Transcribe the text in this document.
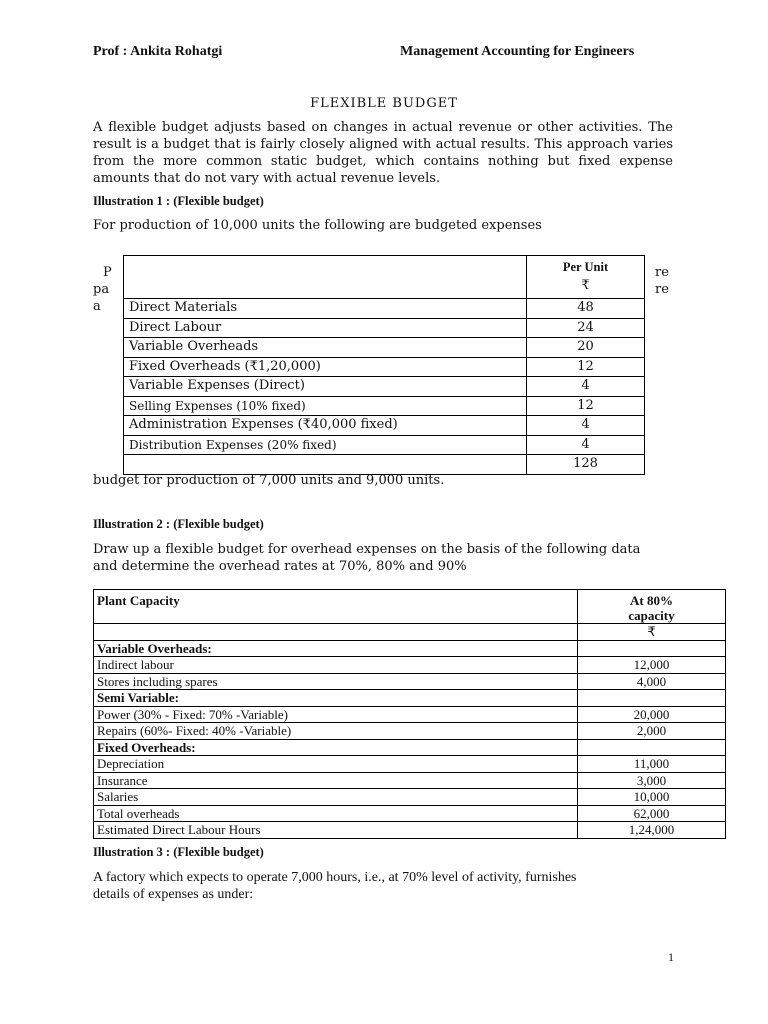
Prof : Ankita Rohatgi	Management Accounting for Engineers
FLEXIBLE BUDGET
A flexible budget adjusts based on changes in actual revenue or other activities. The result is a budget that is fairly closely aligned with actual results. This approach varies from the more common static budget, which contains nothing but fixed expense amounts that do not vary with actual revenue levels.
Illustration 1 : (Flexible budget)
For production of 10,000 units the following are budgeted expenses
P
pa
a
re
re

	Per Unit
₹

Direct Materials	48
Direct Labour	24
Variable Overheads	20
Fixed Overheads (₹1,20,000)	12
Variable Expenses (Direct)	4
Selling Expenses (10% fixed)	12
Administration Expenses (₹40,000 fixed)	4
Distribution Expenses (20% fixed)	4
	128
budget for production of 7,000 units and 9,000 units.
Illustration 2 : (Flexible budget)
Draw up a flexible budget for overhead expenses on the basis of the following data
and determine the overhead rates at 70%, 80% and 90%
Plant Capacity	At 80%
capacity

	₹
Variable Overheads:	
Indirect labour	12,000
Stores including spares	4,000
Semi Variable:	
Power (30% - Fixed: 70% -Variable)	20,000
Repairs (60%- Fixed: 40% -Variable)	2,000
Fixed Overheads:	
Depreciation	11,000
Insurance	3,000
Salaries	10,000
Total overheads	62,000
Estimated Direct Labour Hours	1,24,000
Illustration 3 : (Flexible budget)
A factory which expects to operate 7,000 hours, i.e., at 70% level of activity, furnishes
details of expenses as under:
1
